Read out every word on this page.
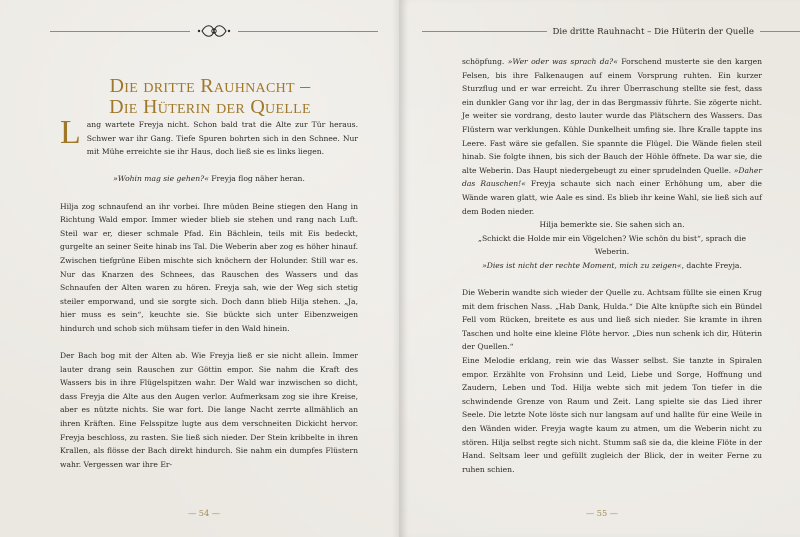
Die dritte Rauhnacht –
Die Hüterin der Quelle

Lang wartete Freyja nicht. Schon bald trat die Alte zur Tür heraus. Schwer war ihr Gang. Tiefe Spuren bohrten sich in den Schnee. Nur mit Mühe erreichte sie ihr Haus, doch ließ sie es links liegen.

»Wohin mag sie gehen?« Freyja flog näher heran.

Hilja zog schnaufend an ihr vorbei. Ihre müden Beine stiegen den Hang in Richtung Wald empor. Immer wieder blieb sie stehen und rang nach Luft. Steil war er, dieser schmale Pfad. Ein Bächlein, teils mit Eis bedeckt, gurgelte an seiner Seite hinab ins Tal. Die Weberin aber zog es höher hinauf. Zwischen tiefgrüne Eiben mischte sich knöchern der Holunder. Still war es. Nur das Knarzen des Schnees, das Rauschen des Wassers und das Schnaufen der Alten waren zu hören. Freyja sah, wie der Weg sich stetig steiler emporwand, und sie sorgte sich. Doch dann blieb Hilja stehen. „Ja, hier muss es sein“, keuchte sie. Sie bückte sich unter Eibenzweigen hindurch und schob sich mühsam tiefer in den Wald hinein.

Der Bach bog mit der Alten ab. Wie Freyja ließ er sie nicht allein. Immer lauter drang sein Rauschen zur Göttin empor. Sie nahm die Kraft des Wassers bis in ihre Flügelspitzen wahr. Der Wald war inzwischen so dicht, dass Freyja die Alte aus den Augen verlor. Aufmerksam zog sie ihre Kreise, aber es nützte nichts. Sie war fort. Die lange Nacht zerrte allmählich an ihren Kräften. Eine Felsspitze lugte aus dem verschneiten Dickicht hervor. Freyja beschloss, zu rasten. Sie ließ sich nieder. Der Stein kribbelte in ihren Krallen, als flösse der Bach direkt hindurch. Sie nahm ein dumpfes Flüstern wahr. Vergessen war ihre Er-

— 54 —
Die dritte Rauhnacht – Die Hüterin der Quelle

schöpfung. »Wer oder was sprach da?« Forschend musterte sie den kargen Felsen, bis ihre Falkenaugen auf einem Vorsprung ruhten. Ein kurzer Sturzflug und er war erreicht. Zu ihrer Überraschung stellte sie fest, dass ein dunkler Gang vor ihr lag, der in das Bergmassiv führte. Sie zögerte nicht. Je weiter sie vordrang, desto lauter wurde das Plätschern des Wassers. Das Flüstern war verklungen. Kühle Dunkelheit umfing sie. Ihre Kralle tappte ins Leere. Fast wäre sie gefallen. Sie spannte die Flügel. Die Wände fielen steil hinab. Sie folgte ihnen, bis sich der Bauch der Höhle öffnete. Da war sie, die alte Weberin. Das Haupt niedergebeugt zu einer sprudelnden Quelle. »Daher das Rauschen!« Freyja schaute sich nach einer Erhöhung um, aber die Wände waren glatt, wie Aale es sind. Es blieb ihr keine Wahl, sie ließ sich auf dem Boden nieder.

Hilja bemerkte sie. Sie sahen sich an.

„Schickt die Holde mir ein Vögelchen? Wie schön du bist“, sprach die Weberin.

»Dies ist nicht der rechte Moment, mich zu zeigen«, dachte Freyja.

Die Weberin wandte sich wieder der Quelle zu. Achtsam füllte sie einen Krug mit dem frischen Nass. „Hab Dank, Hulda.“ Die Alte knüpfte sich ein Bündel Fell vom Rücken, breitete es aus und ließ sich nieder. Sie kramte in ihren Taschen und holte eine kleine Flöte hervor. „Dies nun schenk ich dir, Hüterin der Quellen.“

Eine Melodie erklang, rein wie das Wasser selbst. Sie tanzte in Spiralen empor. Erzählte von Frohsinn und Leid, Liebe und Sorge, Hoffnung und Zaudern, Leben und Tod. Hilja webte sich mit jedem Ton tiefer in die schwindende Grenze von Raum und Zeit. Lang spielte sie das Lied ihrer Seele. Die letzte Note löste sich nur langsam auf und hallte für eine Weile in den Wänden wider. Freyja wagte kaum zu atmen, um die Weberin nicht zu stören. Hilja selbst regte sich nicht. Stumm saß sie da, die kleine Flöte in der Hand. Seltsam leer und gefüllt zugleich der Blick, der in weiter Ferne zu ruhen schien.

— 55 —
